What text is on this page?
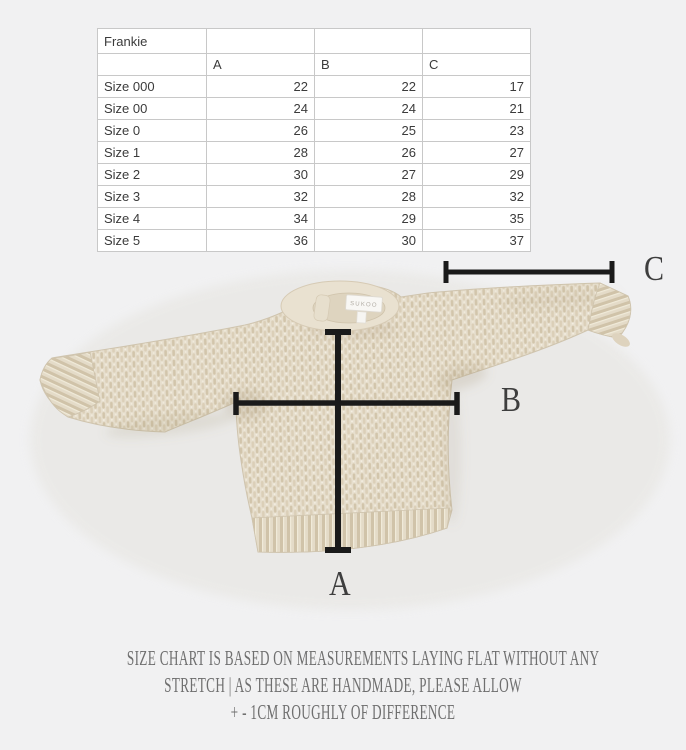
Frankie			
	A	B	C
Size 000	22	22	17
Size 00	24	24	21
Size 0	26	25	23
Size 1	28	26	27
Size 2	30	27	29
Size 3	32	28	32
Size 4	34	29	35
Size 5	36	30	37
SUKOO
C
B
A
SIZE CHART IS BASED ON MEASUREMENTS LAYING FLAT WITHOUT ANY
STRETCH | AS THESE ARE HANDMADE, PLEASE ALLOW
+ - 1CM ROUGHLY OF DIFFERENCE
